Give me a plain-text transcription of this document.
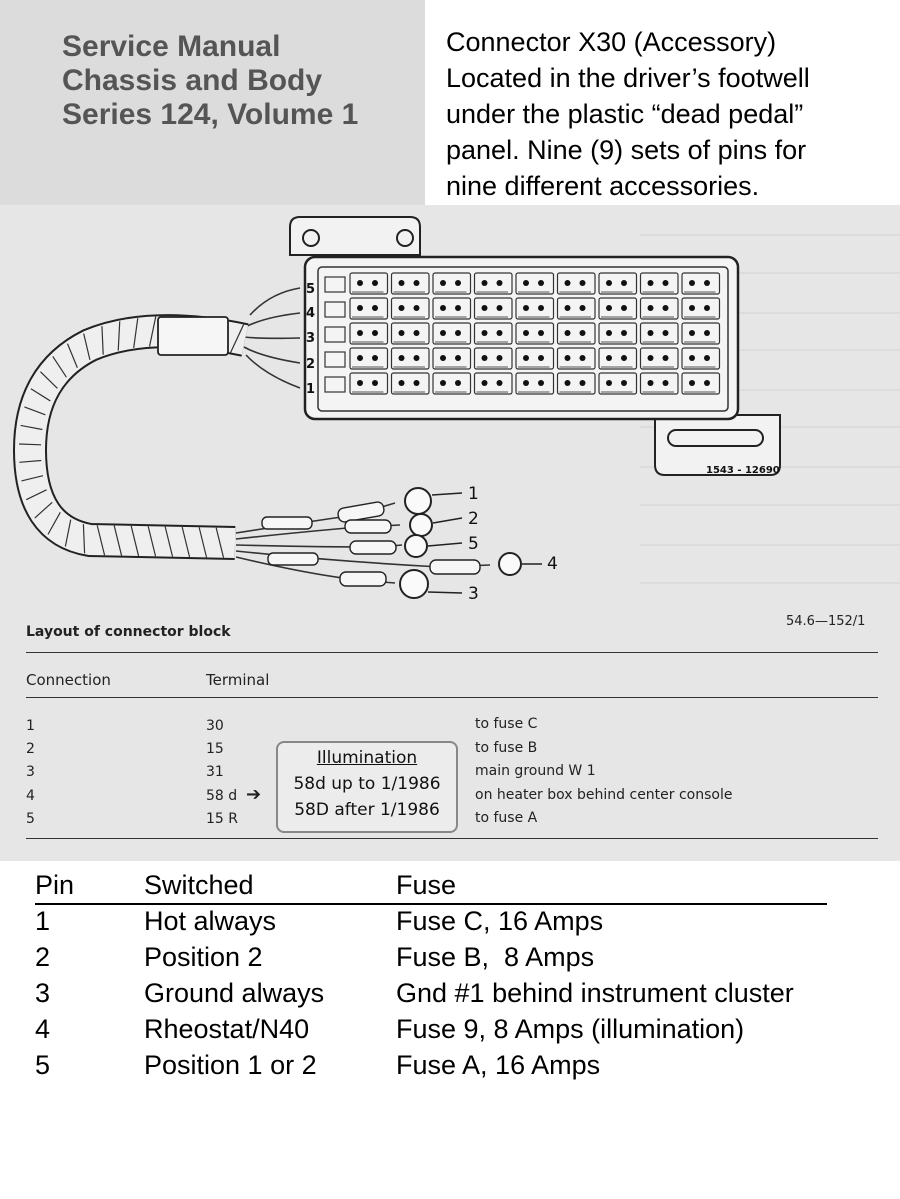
Service Manual
Chassis and Body
Series 124, Volume 1
Connector X30 (Accessory)
Located in the driver’s footwell
under the plastic “dead pedal”
panel. Nine (9) sets of pins for
nine different accessories.
5
4
3
2
1
1
2
5
4
3
1543 - 12690
Layout of connector block
54.6—152/1
Connection	Terminal
1	30	to fuse C
2	15	to fuse B
3	31	main ground W 1
4	58 d ➔	on heater box behind center console
5	15 R	to fuse A
Illumination
58d up to 1/1986
58D after 1/1986
Pin	Switched	Fuse
1	Hot always	Fuse C, 16 Amps
2	Position 2	Fuse B,  8 Amps
3	Ground always	Gnd #1 behind instrument cluster
4	Rheostat/N40	Fuse 9, 8 Amps (illumination)
5	Position 1 or 2	Fuse A, 16 Amps
